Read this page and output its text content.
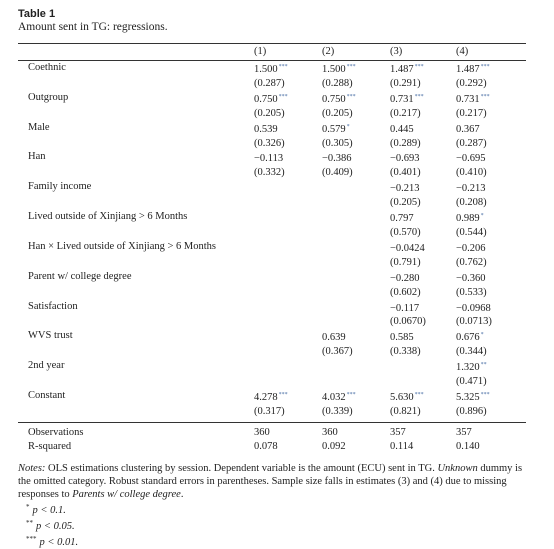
Table 1
Amount sent in TG: regressions.

	(1)	(2)	(3)	(4)
Coethnic	1.500***	1.500***	1.487***	1.487***
	(0.287)	(0.288)	(0.291)	(0.292)
Outgroup	0.750***	0.750***	0.731***	0.731***
	(0.205)	(0.205)	(0.217)	(0.217)
Male	0.539	0.579*	0.445	0.367
	(0.326)	(0.305)	(0.289)	(0.287)
Han	−0.113	−0.386	−0.693	−0.695
	(0.332)	(0.409)	(0.401)	(0.410)
Family income			−0.213	−0.213
			(0.205)	(0.208)
Lived outside of Xinjiang > 6 Months			0.797	0.989*
			(0.570)	(0.544)
Han × Lived outside of Xinjiang > 6 Months			−0.0424	−0.206
			(0.791)	(0.762)
Parent w/ college degree			−0.280	−0.360
			(0.602)	(0.533)
Satisfaction			−0.117	−0.0968
			(0.0670)	(0.0713)
WVS trust		0.639	0.585	0.676*
		(0.367)	(0.338)	(0.344)
2nd year				1.320**
				(0.471)
Constant	4.278***	4.032***	5.630***	5.325***
	(0.317)	(0.339)	(0.821)	(0.896)
Observations	360	360	357	357
R-squared	0.078	0.092	0.114	0.140
Notes: OLS estimations clustering by session. Dependent variable is the amount (ECU) sent in TG. Unknown dummy is the omitted category. Robust standard errors in parentheses. Sample size falls in estimates (3) and (4) due to missing responses to Parents w/ college degree.
* p < 0.1.
** p < 0.05.
*** p < 0.01.
